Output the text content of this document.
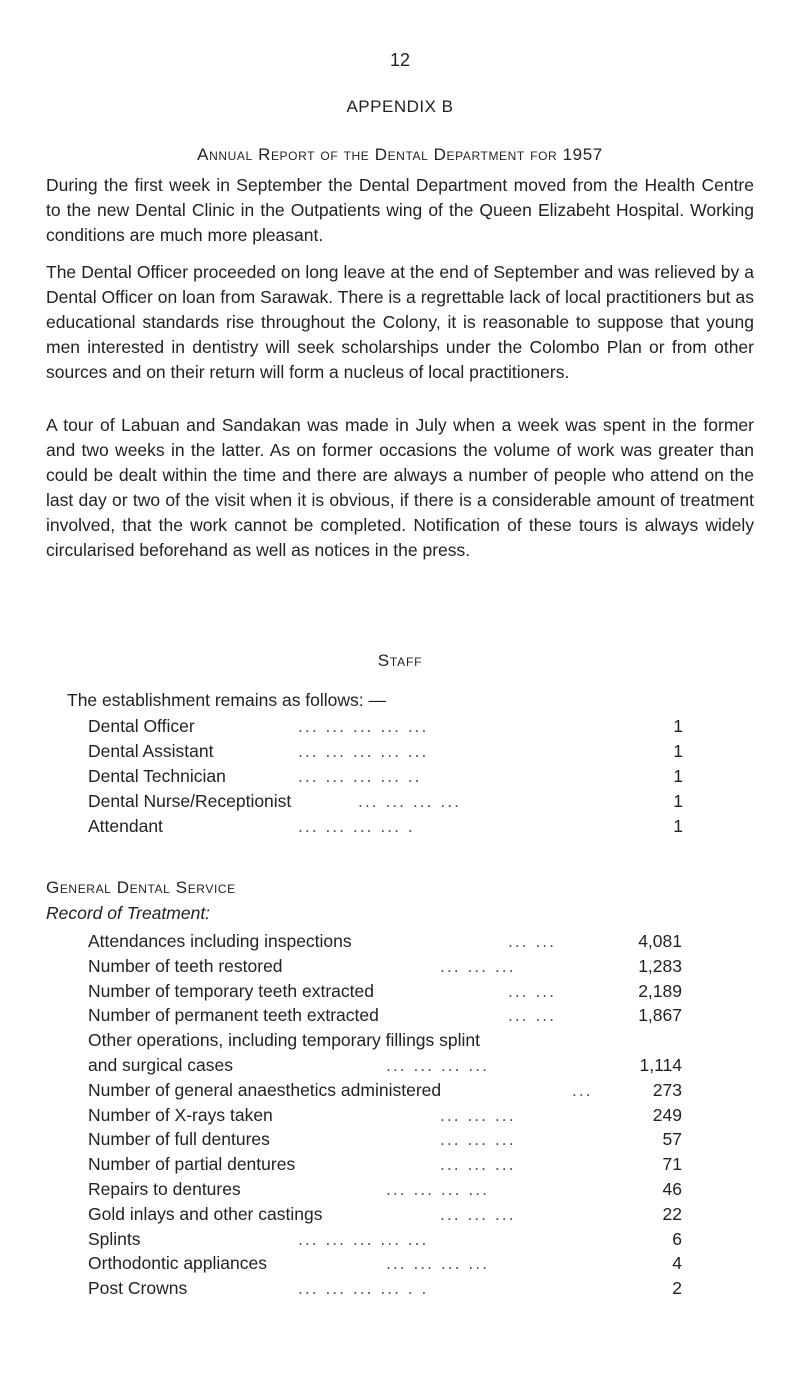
12
APPENDIX B
Annual Report of the Dental Department for 1957
During the first week in September the Dental Department moved from the Health Centre to the new Dental Clinic in the Outpatients wing of the Queen Elizabeht Hospital. Working conditions are much more pleasant.
The Dental Officer proceeded on long leave at the end of September and was relieved by a Dental Officer on loan from Sarawak. There is a regrettable lack of local practitioners but as educational standards rise throughout the Colony, it is reasonable to suppose that young men interested in dentistry will seek scholarships under the Colombo Plan or from other sources and on their return will form a nucleus of local practitioners.
A tour of Labuan and Sandakan was made in July when a week was spent in the former and two weeks in the latter. As on former occasions the volume of work was greater than could be dealt within the time and there are always a number of people who attend on the last day or two of the visit when it is obvious, if there is a considerable amount of treatment involved, that the work cannot be completed. Notification of these tours is always widely circularised beforehand as well as notices in the press.
Staff
The establishment remains as follows: —
Dental Officer	... ... ... ... ...	1
Dental Assistant	... ... ... ... ...	1
Dental Technician	... ... ... ... ..	1
Dental Nurse/Receptionist	... ... ... ...	1
Attendant	... ... ... ... .	1
General Dental Service
Record of Treatment:
Attendances including inspections	... ...	4,081
Number of teeth restored	... ... ...	1,283
Number of temporary teeth extracted	... ...	2,189
Number of permanent teeth extracted	... ...	1,867
Other operations, including temporary fillings splint
and surgical cases	... ... ... ...	1,114
Number of general anaesthetics administered	...	273
Number of X-rays taken	... ... ...	249
Number of full dentures	... ... ...	57
Number of partial dentures	... ... ...	71
Repairs to dentures	... ... ... ...	46
Gold inlays and other castings	... ... ...	22
Splints	... ... ... ... ...	6
Orthodontic appliances	... ... ... ...	4
Post Crowns	... ... ... ... . .	2
